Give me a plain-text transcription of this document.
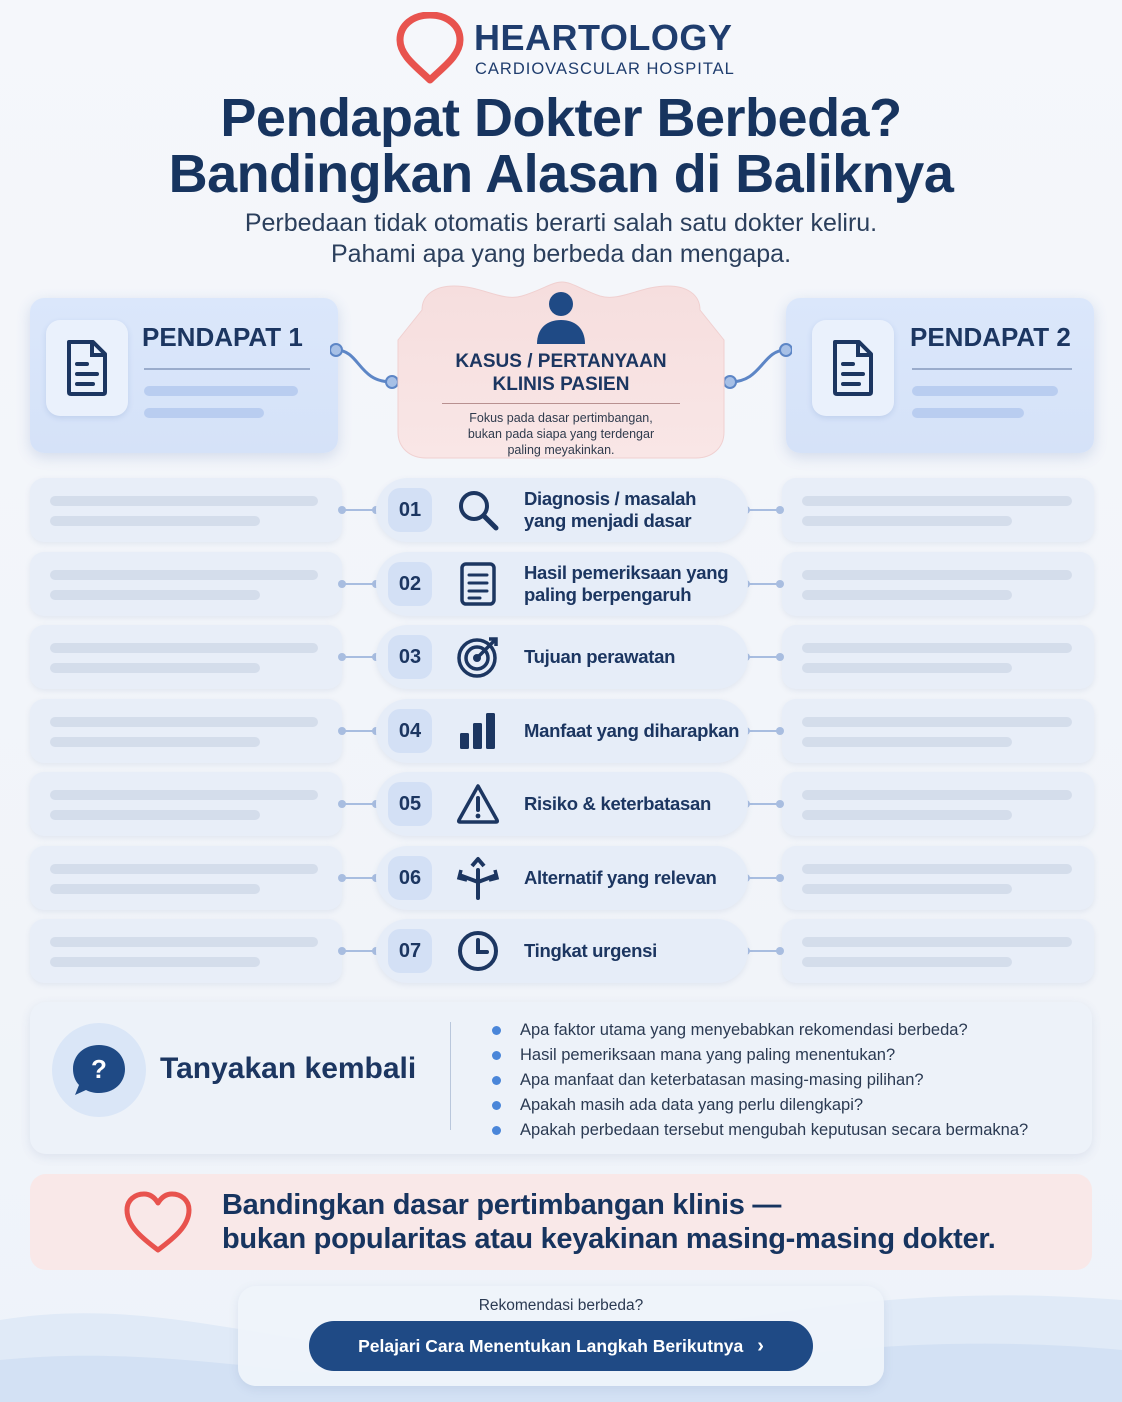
HEARTOLOGY
CARDIOVASCULAR HOSPITAL
Pendapat Dokter Berbeda?
Bandingkan Alasan di Baliknya
Perbedaan tidak otomatis berarti salah satu dokter keliru.
Pahami apa yang berbeda dan mengapa.
PENDAPAT 1	PENDAPAT 2
KASUS / PERTANYAAN
KLINIS PASIEN
Fokus pada dasar pertimbangan,
bukan pada siapa yang terdengar
paling meyakinkan.
01
Diagnosis / masalah
yang menjadi dasar
02
Hasil pemeriksaan yang
paling berpengaruh
03	Tujuan perawatan
04	Manfaat yang diharapkan
05	Risiko & keterbatasan
06	Alternatif yang relevan
07	Tingkat urgensi
? Tanyakan kembali
Apa faktor utama yang menyebabkan rekomendasi berbeda?
Hasil pemeriksaan mana yang paling menentukan?
Apa manfaat dan keterbatasan masing-masing pilihan?
Apakah masih ada data yang perlu dilengkapi?
Apakah perbedaan tersebut mengubah keputusan secara bermakna?
Bandingkan dasar pertimbangan klinis —
bukan popularitas atau keyakinan masing-masing dokter.
Rekomendasi berbeda?
Pelajari Cara Menentukan Langkah Berikutnya ›
